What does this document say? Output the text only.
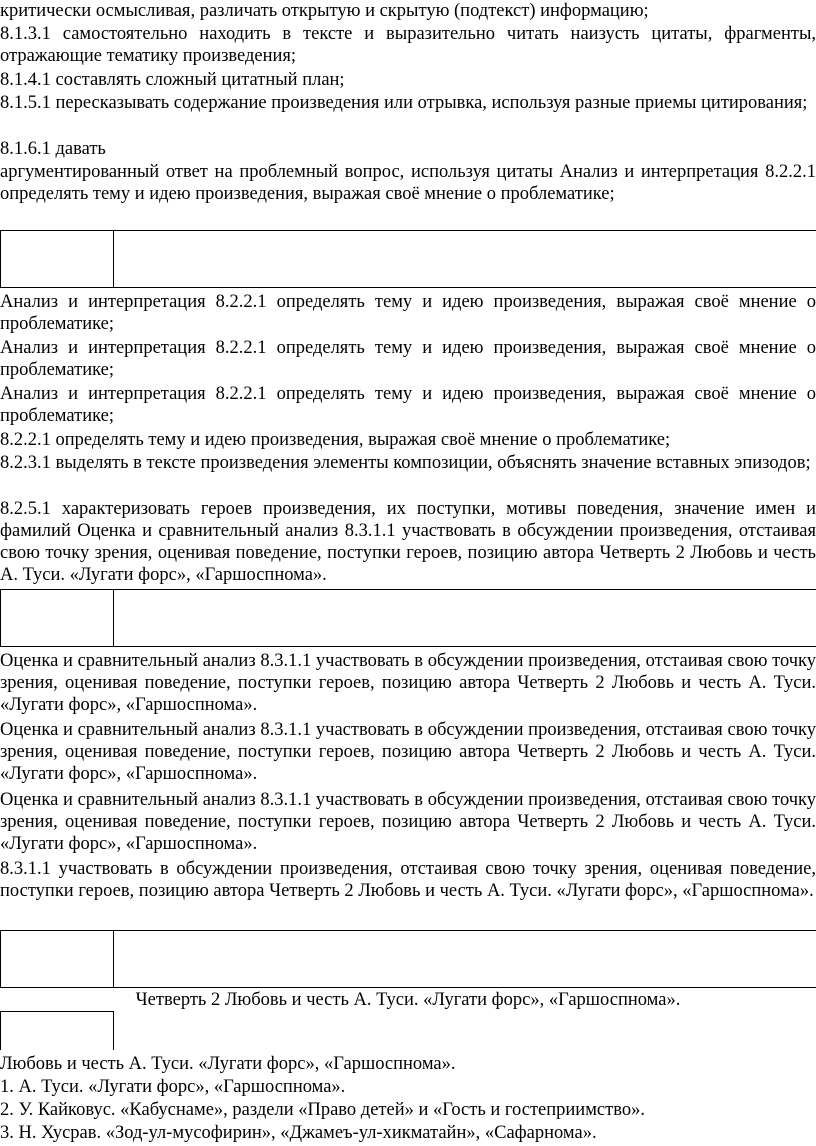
критически осмысливая, различать открытую и скрытую (подтекст) информацию;

8.1.3.1 самостоятельно находить в тексте и выразительно читать наизусть цитаты, фрагменты, отражающие тематику произведения;

8.1.4.1 составлять сложный цитатный план;

8.1.5.1 пересказывать содержание произведения или отрывка, используя разные приемы цитирования;

8.1.6.1 давать

аргументированный ответ на проблемный вопрос, используя цитаты Анализ и интерпретация 8.2.2.1 определять тему и идею произведения, выражая своё мнение о проблематике;

Анализ и интерпретация 8.2.2.1 определять тему и идею произведения, выражая своё мнение о проблематике;

Анализ и интерпретация 8.2.2.1 определять тему и идею произведения, выражая своё мнение о проблематике;

Анализ и интерпретация 8.2.2.1 определять тему и идею произведения, выражая своё мнение о проблематике;

8.2.2.1 определять тему и идею произведения, выражая своё мнение о проблематике;

8.2.3.1 выделять в тексте произведения элементы композиции, объяснять значение вставных эпизодов;

8.2.5.1 характеризовать героев произведения, их поступки, мотивы поведения, значение имен и фамилий Оценка и сравнительный анализ 8.3.1.1 участвовать в обсуждении произведения, отстаивая свою точку зрения, оценивая поведение, поступки героев, позицию автора Четверть 2 Любовь и честь А. Туси. «Лугати форс», «Гаршоспнома».

Оценка и сравнительный анализ 8.3.1.1 участвовать в обсуждении произведения, отстаивая свою точку зрения, оценивая поведение, поступки героев, позицию автора Четверть 2 Любовь и честь А. Туси. «Лугати форс», «Гаршоспнома».

Оценка и сравнительный анализ 8.3.1.1 участвовать в обсуждении произведения, отстаивая свою точку зрения, оценивая поведение, поступки героев, позицию автора Четверть 2 Любовь и честь А. Туси. «Лугати форс», «Гаршоспнома».

Оценка и сравнительный анализ 8.3.1.1 участвовать в обсуждении произведения, отстаивая свою точку зрения, оценивая поведение, поступки героев, позицию автора Четверть 2 Любовь и честь А. Туси. «Лугати форс», «Гаршоспнома».

8.3.1.1 участвовать в обсуждении произведения, отстаивая свою точку зрения, оценивая поведение, поступки героев, позицию автора Четверть 2 Любовь и честь А. Туси. «Лугати форс», «Гаршоспнома».

Четверть 2 Любовь и честь А. Туси. «Лугати форс», «Гаршоспнома».

Любовь и честь А. Туси. «Лугати форс», «Гаршоспнома».

1. А. Туси. «Лугати форс», «Гаршоспнома».

2. У. Кайковус. «Кабуснаме», раздели «Право детей» и «Гость и гостеприимство».

3. Н. Хусрав. «Зод-ул-мусофирин», «Джамеъ-ул-хикматайн», «Сафарнома».
